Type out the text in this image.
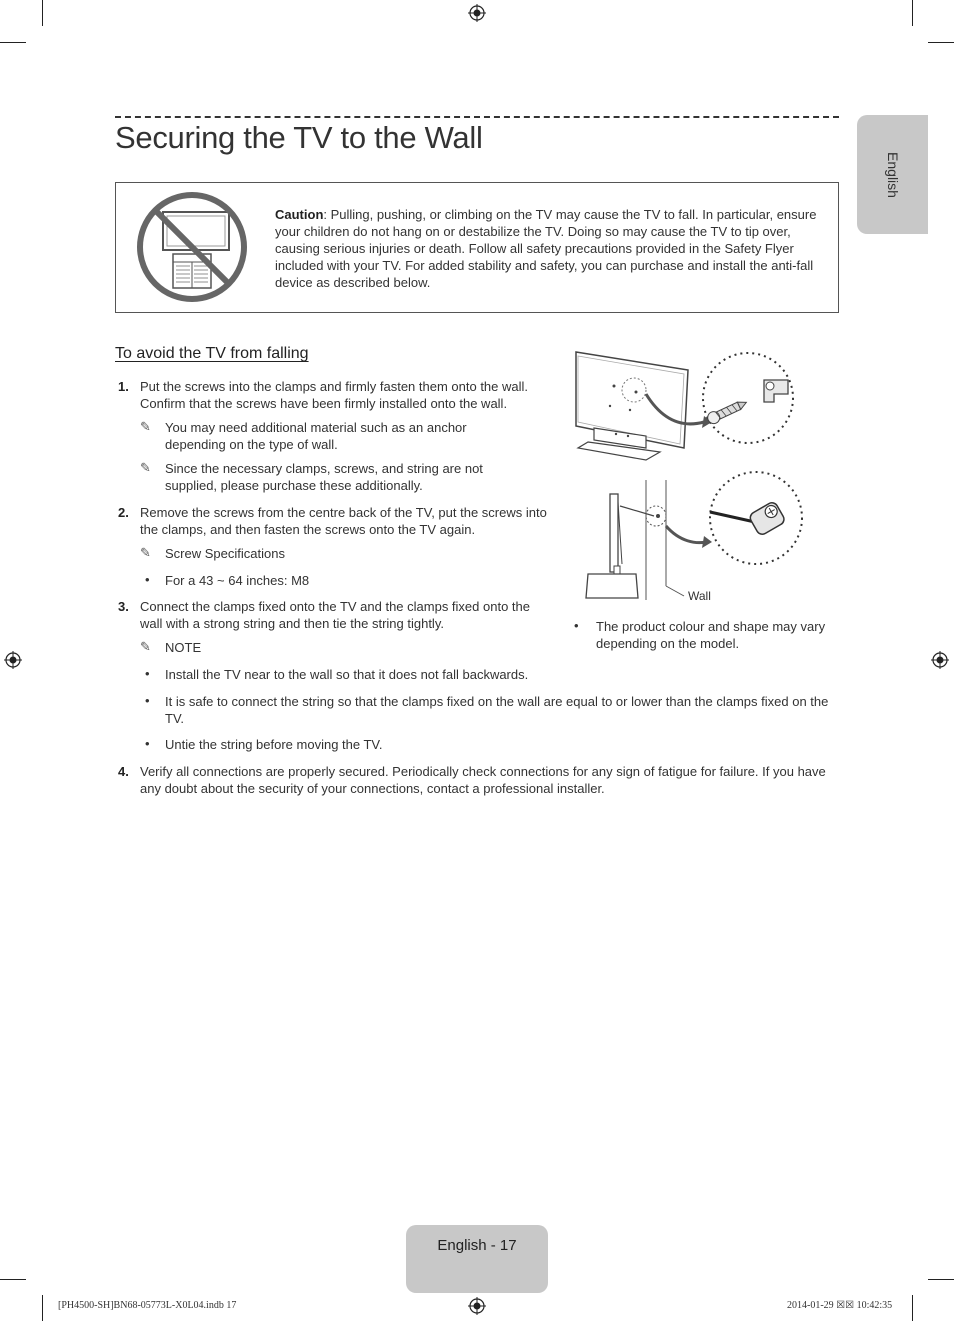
English
Securing the TV to the Wall
Caution: Pulling, pushing, or climbing on the TV may cause the TV to fall. In particular, ensure your children do not hang on or destabilize the TV. Doing so may cause the TV to tip over, causing serious injuries or death. Follow all safety precautions provided in the Safety Flyer included with your TV. For added stability and safety, you can purchase and install the anti-fall device as described below.
To avoid the TV from falling
1. Put the screws into the clamps and firmly fasten them onto the wall. Confirm that the screws have been firmly installed onto the wall.
✎ You may need additional material such as an anchor depending on the type of wall.
✎ Since the necessary clamps, screws, and string are not supplied, please purchase these additionally.
2. Remove the screws from the centre back of the TV, put the screws into the clamps, and then fasten the screws onto the TV again.
✎ Screw Specifications
• For a 43 ~ 64 inches: M8
3. Connect the clamps fixed onto the TV and the clamps fixed onto the wall with a strong string and then tie the string tightly.
✎ NOTE
• Install the TV near to the wall so that it does not fall backwards.
• It is safe to connect the string so that the clamps fixed on the wall are equal to or lower than the clamps fixed on the TV.
• Untie the string before moving the TV.
4. Verify all connections are properly secured. Periodically check connections for any sign of fatigue for failure. If you have any doubt about the security of your connections, contact a professional installer.
Wall
• The product colour and shape may vary depending on the model.
English - 17
[PH4500-SH]BN68-05773L-X0L04.indb 17	2014-01-29 ☒☒ 10:42:35
